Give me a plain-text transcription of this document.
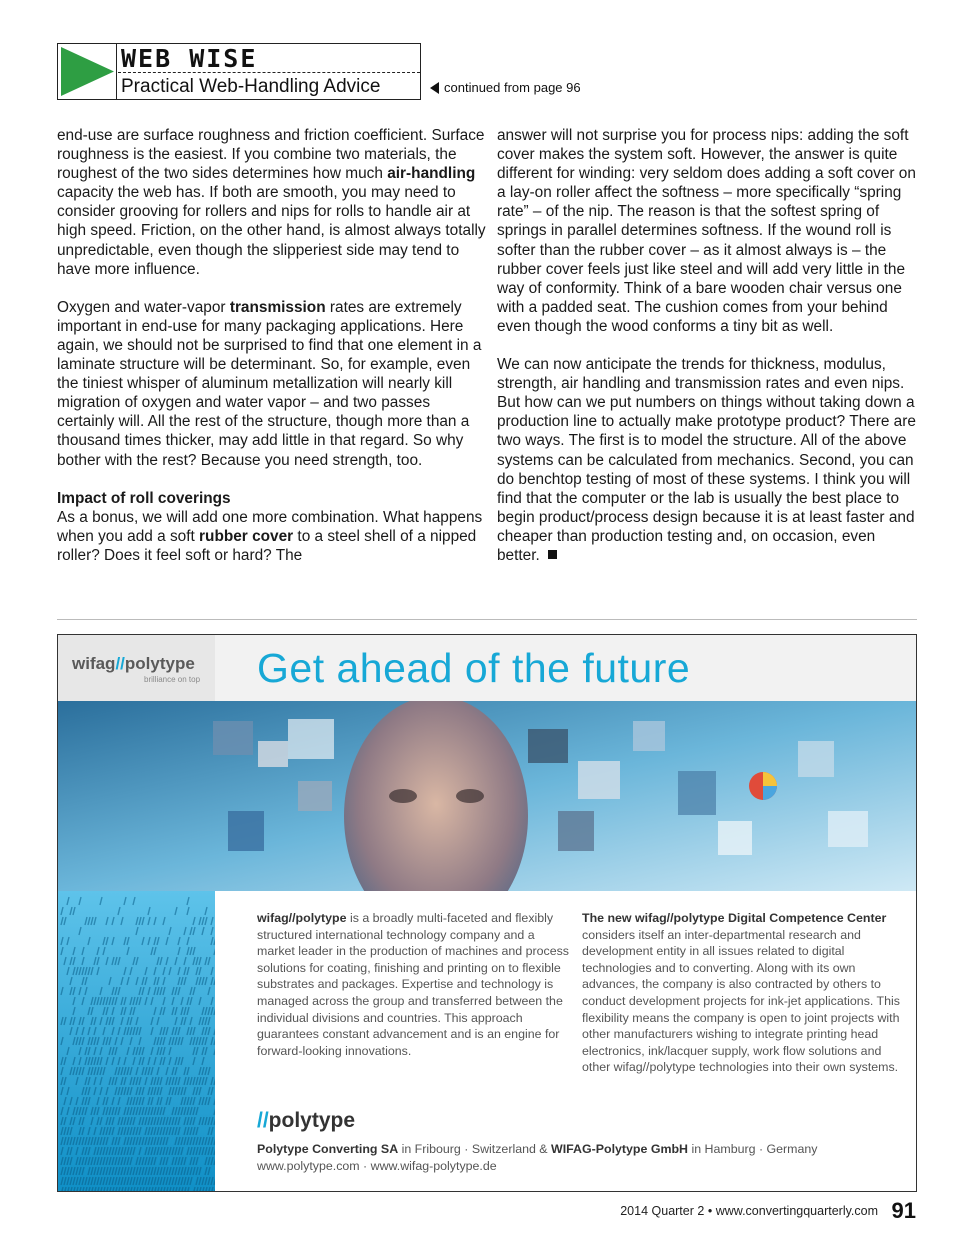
WEB WISE
Practical Web-Handling Advice	continued from page 96

end-use are surface roughness and friction coefficient. Surface roughness is the easiest. If you combine two materials, the roughest of the two sides determines how much air-handling capacity the web has. If both are smooth, you may need to consider grooving for rollers and nips for rolls to handle air at high speed. Friction, on the other hand, is almost always totally unpredictable, even though the slipperiest side may tend to have more influence.

Oxygen and water-vapor transmission rates are extremely important in end-use for many packaging applications. Here again, we should not be surprised to find that one element in a laminate structure will be determinant. So, for example, even the tiniest whisper of aluminum metallization will nearly kill migration of oxygen and water vapor – and two passes certainly will. All the rest of the structure, though more than a thousand times thicker, may add little in that regard. So why bother with the rest? Because you need strength, too.

Impact of roll coverings

As a bonus, we will add one more combination. What happens when you add a soft rubber cover to a steel shell of a nipped roller? Does it feel soft or hard? The

answer will not surprise you for process nips: adding the soft cover makes the system soft. However, the answer is quite different for winding: very seldom does adding a soft cover on a lay-on roller affect the softness – more specifically “spring rate” – of the nip. The reason is that the softest spring of springs in parallel determines softness. If the wound roll is softer than the rubber cover – as it almost always is – the rubber cover feels just like steel and will add very little in the way of conformity. Think of a bare wooden chair versus one with a padded seat. The cushion comes from your behind even though the wood conforms a tiny bit as well.

We can now anticipate the trends for thickness, modulus, strength, air handling and transmission rates and even nips. But how can we put numbers on things without taking down a production line to actually make prototype product? There are two ways. The first is to model the structure. All of the above systems can be calculated from mechanics. Second, you can do benchtop testing of most of these systems. I think you will find that the computer or the lab is usually the best place to begin product/process design because it is at least faster and cheaper than production testing and, on occasion, even better.

wifag//polytype
brilliance on top Get ahead of the future
wifag//polytype is a broadly multi-faceted and flexibly structured international technology company and a market leader in the production of machines and process solutions for coating, finishing and printing on to flexible substrates and packages. Expertise and technology is managed across the group and transferred between the individual divisions and countries. This approach guarantees constant advancement and is an engine for forward-looking innovations.
The new wifag//polytype Digital Competence Center considers itself an inter-departmental research and development entity in all issues related to digital technologies and to converting. Along with its own advances, the company is also contracted by others to conduct development projects for ink-jet applications. This flexibility means the company is open to joint projects with other manufacturers wishing to integrate printing head electronics, ink/lacquer supply, work flow solutions and other wifag//polytype technologies into their own systems.
//polytype
Polytype Converting SA in Fribourg · Switzerland & WIFAG-Polytype GmbH in Hamburg · Germany
www.polytype.com · www.wifag-polytype.de
2014 Quarter 2 • www.convertingquarterly.com 91
